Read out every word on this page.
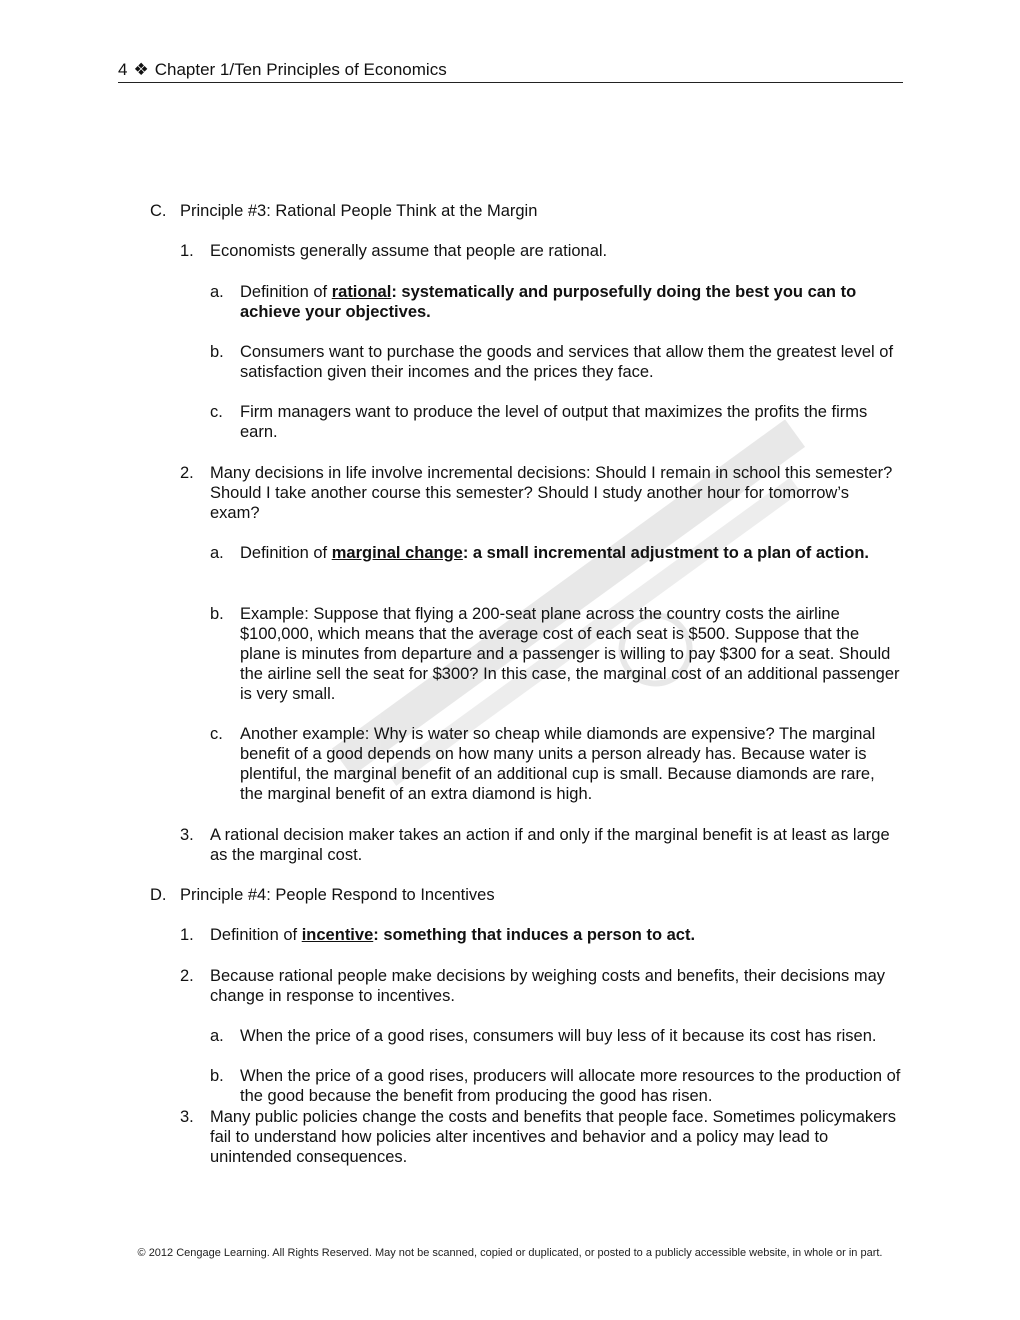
4 ❖ Chapter 1/Ten Principles of Economics
C. Principle #3: Rational People Think at the Margin
1. Economists generally assume that people are rational.
a. Definition of rational: systematically and purposefully doing the best you can to achieve your objectives.
b. Consumers want to purchase the goods and services that allow them the greatest level of satisfaction given their incomes and the prices they face.
c. Firm managers want to produce the level of output that maximizes the profits the firms earn.
2. Many decisions in life involve incremental decisions: Should I remain in school this semester? Should I take another course this semester? Should I study another hour for tomorrow’s exam?
a. Definition of marginal change: a small incremental adjustment to a plan of action.
b. Example: Suppose that flying a 200-seat plane across the country costs the airline $100,000, which means that the average cost of each seat is $500. Suppose that the plane is minutes from departure and a passenger is willing to pay $300 for a seat. Should the airline sell the seat for $300? In this case, the marginal cost of an additional passenger is very small.
c. Another example: Why is water so cheap while diamonds are expensive? The marginal benefit of a good depends on how many units a person already has. Because water is plentiful, the marginal benefit of an additional cup is small. Because diamonds are rare, the marginal benefit of an extra diamond is high.
3. A rational decision maker takes an action if and only if the marginal benefit is at least as large as the marginal cost.
D. Principle #4: People Respond to Incentives
1. Definition of incentive: something that induces a person to act.
2. Because rational people make decisions by weighing costs and benefits, their decisions may change in response to incentives.
a. When the price of a good rises, consumers will buy less of it because its cost has risen.
b. When the price of a good rises, producers will allocate more resources to the production of the good because the benefit from producing the good has risen.
3. Many public policies change the costs and benefits that people face. Sometimes policymakers fail to understand how policies alter incentives and behavior and a policy may lead to unintended consequences.
© 2012 Cengage Learning. All Rights Reserved. May not be scanned, copied or duplicated, or posted to a publicly accessible website, in whole or in part.
